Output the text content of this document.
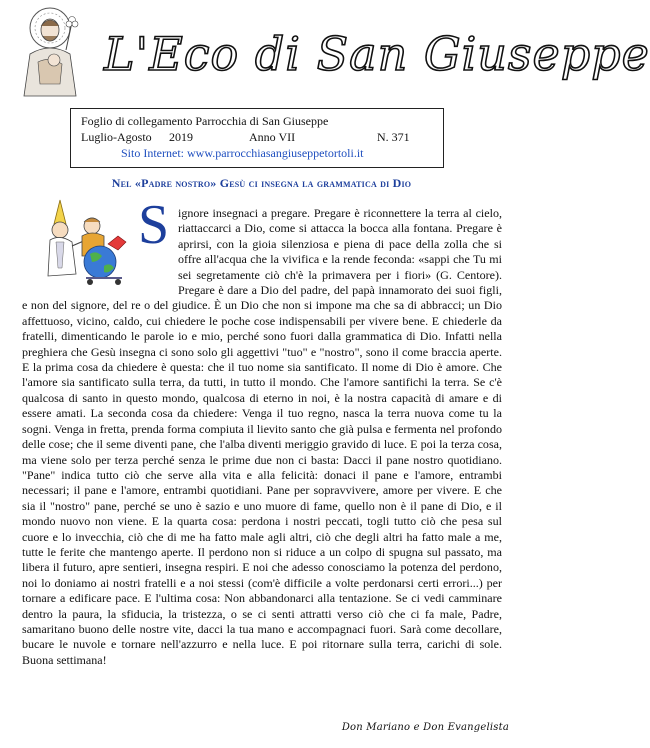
L'Eco di San Giuseppe
Foglio di collegamento Parrocchia di San Giuseppe
Luglio-Agosto 2019	Anno VII	N. 371
Sito Internet: www.parrocchiasangiuseppetortoli.it
Nel «Padre nostro» Gesù ci insegna la grammatica di Dio
S ignore insegnaci a pregare. Pregare è riconnettere la terra al cielo, riattaccarci a Dio, come si attacca la bocca alla fontana. Pregare è aprirsi, con la gioia silenziosa e piena di pace della zolla che si offre all'acqua che la vivifica e la rende feconda: «sappi che Tu mi sei segretamente ciò ch'è la primavera per i fiori» (G. Centore). Pregare è dare a Dio del padre, del papà innamorato dei suoi figli, e non del signore, del re o del giudice. È un Dio che non si impone ma che sa di abbracci; un Dio affettuoso, vicino, caldo, cui chiedere le poche cose indispensabili per vivere bene. E chiederle da fratelli, dimenticando le parole io e mio, perché sono fuori dalla grammatica di Dio. Infatti nella preghiera che Gesù insegna ci sono solo gli aggettivi "tuo" e "nostro", sono il come braccia aperte. E la prima cosa da chiedere è questa: che il tuo nome sia santificato. Il nome di Dio è amore. Che l'amore sia santificato sulla terra, da tutti, in tutto il mondo. Che l'amore santifichi la terra. Se c'è qualcosa di santo in questo mondo, qualcosa di eterno in noi, è la nostra capacità di amare e di essere amati. La seconda cosa da chiedere: Venga il tuo regno, nasca la terra nuova come tu la sogni. Venga in fretta, prenda forma compiuta il lievito santo che già pulsa e fermenta nel profondo delle cose; che il seme diventi pane, che l'alba diventi meriggio gravido di luce. E poi la terza cosa, ma viene solo per terza perché senza le prime due non ci basta: Dacci il pane nostro quotidiano. "Pane" indica tutto ciò che serve alla vita e alla felicità: donaci il pane e l'amore, entrambi necessari; il pane e l'amore, entrambi quotidiani. Pane per sopravvivere, amore per vivere. E che sia il "nostro" pane, perché se uno è sazio e uno muore di fame, quello non è il pane di Dio, e il mondo nuovo non viene. E la quarta cosa: perdona i nostri peccati, togli tutto ciò che pesa sul cuore e lo invecchia, ciò che di me ha fatto male agli altri, ciò che degli altri ha fatto male a me, tutte le ferite che mantengo aperte. Il perdono non si riduce a un colpo di spugna sul passato, ma libera il futuro, apre sentieri, insegna respiri. E noi che adesso conosciamo la potenza del perdono, noi lo doniamo ai nostri fratelli e a noi stessi (com'è difficile a volte perdonarsi certi errori...) per tornare a edificare pace. E l'ultima cosa: Non abbandonarci alla tentazione. Se ci vedi camminare dentro la paura, la sfiducia, la tristezza, o se ci senti attratti verso ciò che ci fa male, Padre, samaritano buono delle nostre vite, dacci la tua mano e accompagnaci fuori. Sarà come decollare, bucare le nuvole e tornare nell'azzurro e nella luce. E poi ritornare sulla terra, carichi di sole. Buona settimana!
Don Mariano e Don Evangelista
